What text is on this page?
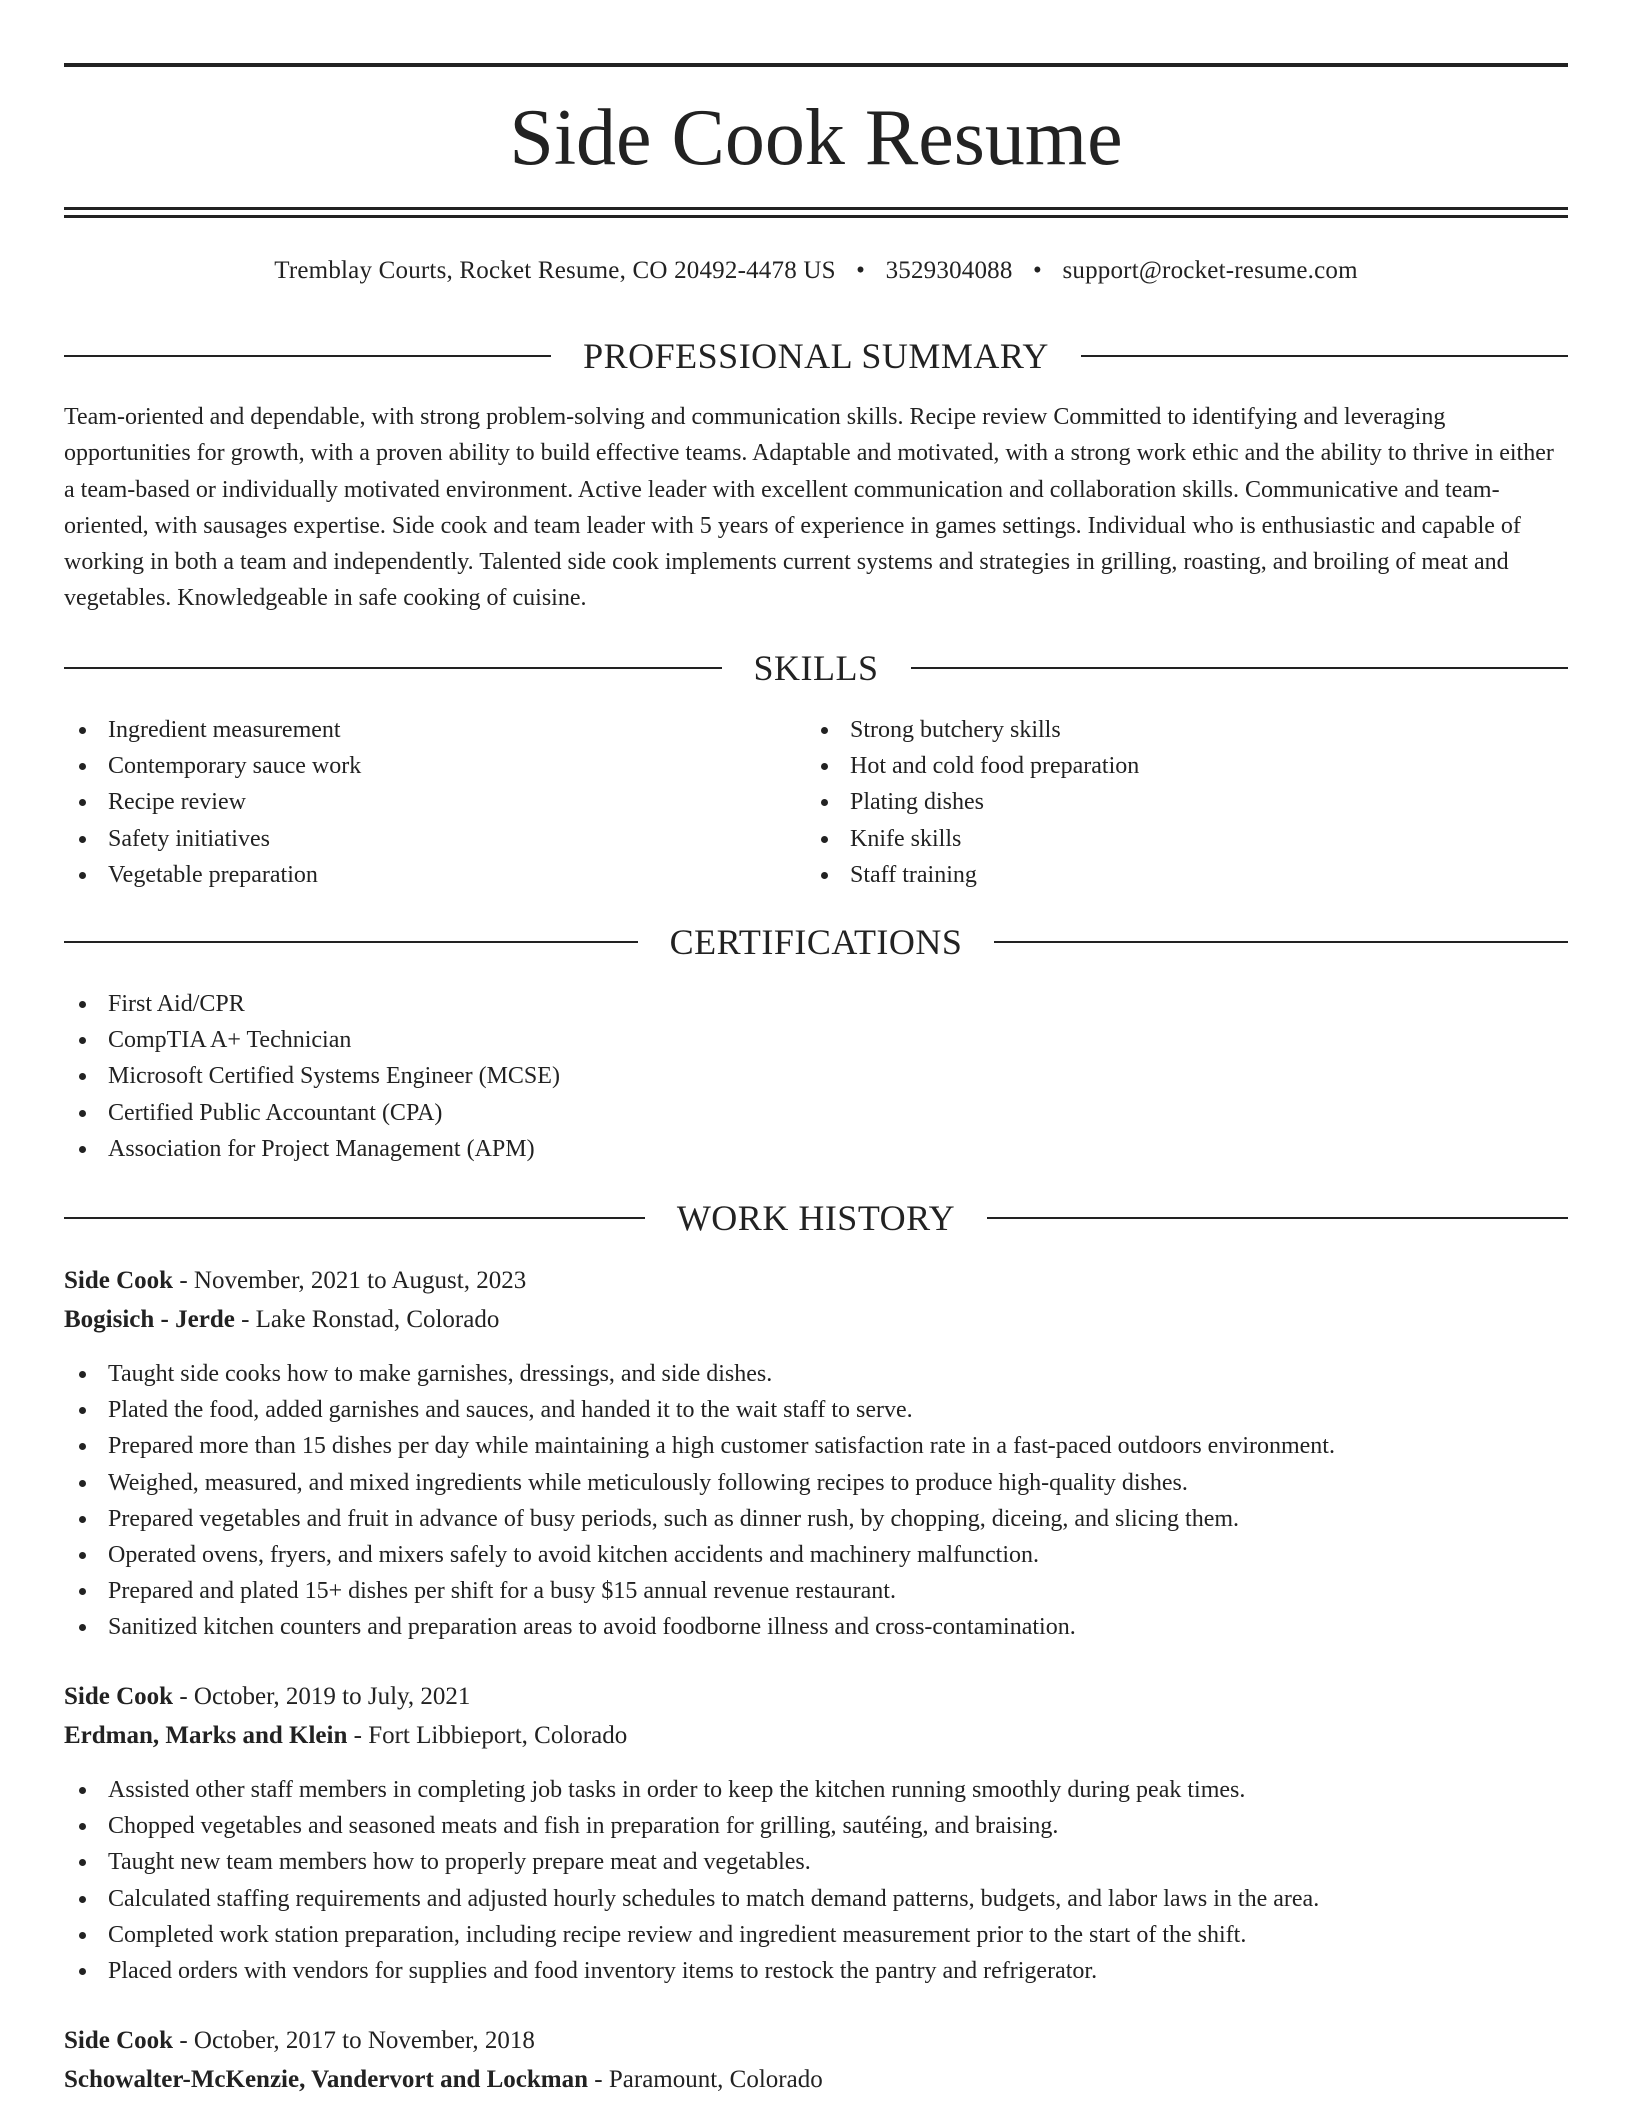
Side Cook Resume
Tremblay Courts, Rocket Resume, CO 20492-4478 US • 3529304088 • support@rocket-resume.com
PROFESSIONAL SUMMARY

Team-oriented and dependable, with strong problem-solving and communication skills. Recipe review Committed to identifying and leveraging opportunities for growth, with a proven ability to build effective teams. Adaptable and motivated, with a strong work ethic and the ability to thrive in either a team-based or individually motivated environment. Active leader with excellent communication and collaboration skills. Communicative and team-oriented, with sausages expertise. Side cook and team leader with 5 years of experience in games settings. Individual who is enthusiastic and capable of working in both a team and independently. Talented side cook implements current systems and strategies in grilling, roasting, and broiling of meat and vegetables. Knowledgeable in safe cooking of cuisine.

SKILLS
Ingredient measurement
Contemporary sauce work
Recipe review
Safety initiatives
Vegetable preparation
Strong butchery skills
Hot and cold food preparation
Plating dishes
Knife skills
Staff training
CERTIFICATIONS
First Aid/CPR
CompTIA A+ Technician
Microsoft Certified Systems Engineer (MCSE)
Certified Public Accountant (CPA)
Association for Project Management (APM)
WORK HISTORY
Side Cook - November, 2021 to August, 2023
Bogisich - Jerde - Lake Ronstad, Colorado
Taught side cooks how to make garnishes, dressings, and side dishes.
Plated the food, added garnishes and sauces, and handed it to the wait staff to serve.
Prepared more than 15 dishes per day while maintaining a high customer satisfaction rate in a fast-paced outdoors environment.
Weighed, measured, and mixed ingredients while meticulously following recipes to produce high-quality dishes.
Prepared vegetables and fruit in advance of busy periods, such as dinner rush, by chopping, diceing, and slicing them.
Operated ovens, fryers, and mixers safely to avoid kitchen accidents and machinery malfunction.
Prepared and plated 15+ dishes per shift for a busy $15 annual revenue restaurant.
Sanitized kitchen counters and preparation areas to avoid foodborne illness and cross-contamination.
Side Cook - October, 2019 to July, 2021
Erdman, Marks and Klein - Fort Libbieport, Colorado
Assisted other staff members in completing job tasks in order to keep the kitchen running smoothly during peak times.
Chopped vegetables and seasoned meats and fish in preparation for grilling, sautéing, and braising.
Taught new team members how to properly prepare meat and vegetables.
Calculated staffing requirements and adjusted hourly schedules to match demand patterns, budgets, and labor laws in the area.
Completed work station preparation, including recipe review and ingredient measurement prior to the start of the shift.
Placed orders with vendors for supplies and food inventory items to restock the pantry and refrigerator.
Side Cook - October, 2017 to November, 2018
Schowalter-McKenzie, Vandervort and Lockman - Paramount, Colorado
